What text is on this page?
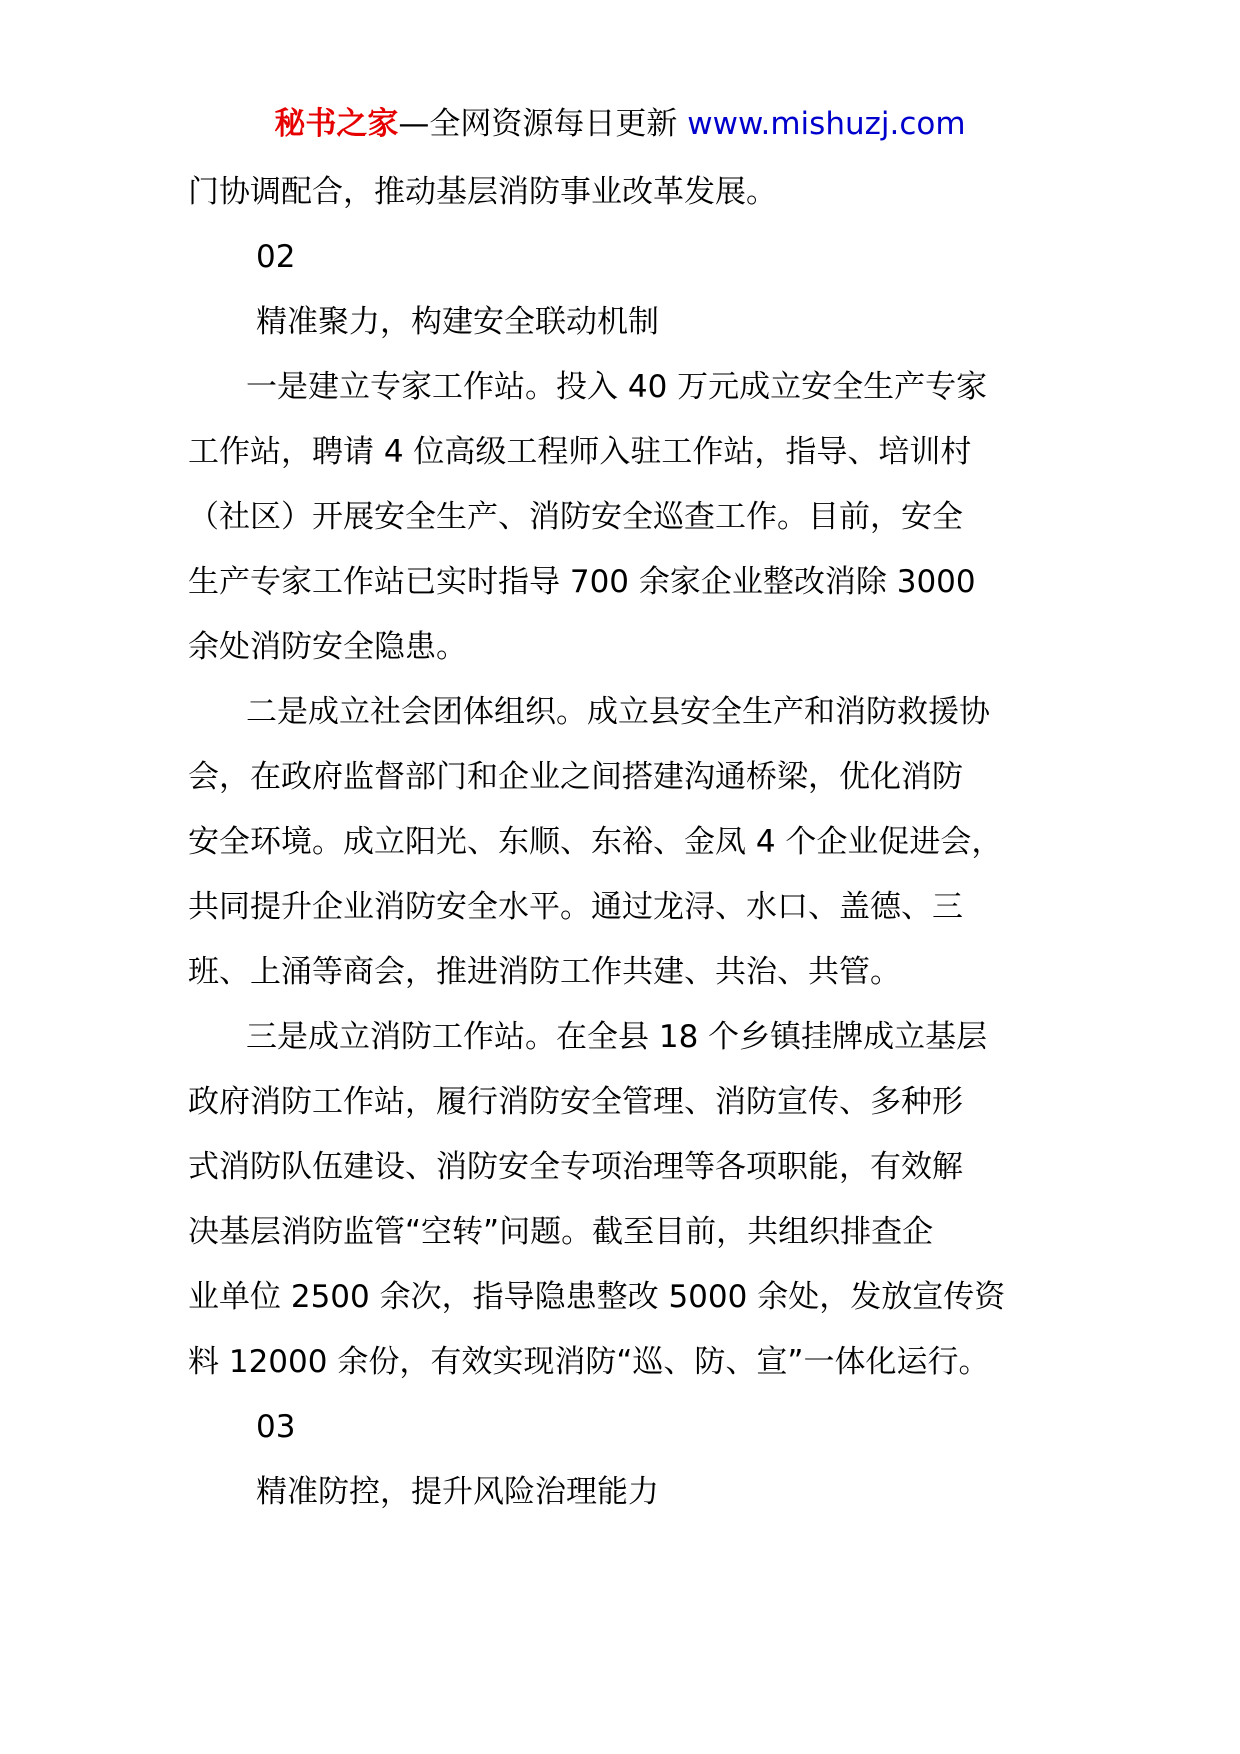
秘书之家—全网资源每日更新 www.mishuzj.com

门协调配合，推动基层消防事业改革发展。

02

精准聚力，构建安全联动机制

一是建立专家工作站。投入 40 万元成立安全生产专家

工作站，聘请 4 位高级工程师入驻工作站，指导、培训村

（社区）开展安全生产、消防安全巡查工作。目前，安全

生产专家工作站已实时指导 700 余家企业整改消除 3000

余处消防安全隐患。

二是成立社会团体组织。成立县安全生产和消防救援协

会，在政府监督部门和企业之间搭建沟通桥梁，优化消防

安全环境。成立阳光、东顺、东裕、金凤 4 个企业促进会，

共同提升企业消防安全水平。通过龙浔、水口、盖德、三

班、上涌等商会，推进消防工作共建、共治、共管。

三是成立消防工作站。在全县 18 个乡镇挂牌成立基层

政府消防工作站，履行消防安全管理、消防宣传、多种形

式消防队伍建设、消防安全专项治理等各项职能，有效解

决基层消防监管“空转”问题。截至目前，共组织排查企

业单位 2500 余次，指导隐患整改 5000 余处，发放宣传资

料 12000 余份，有效实现消防“巡、防、宣”一体化运行。

03

精准防控，提升风险治理能力
